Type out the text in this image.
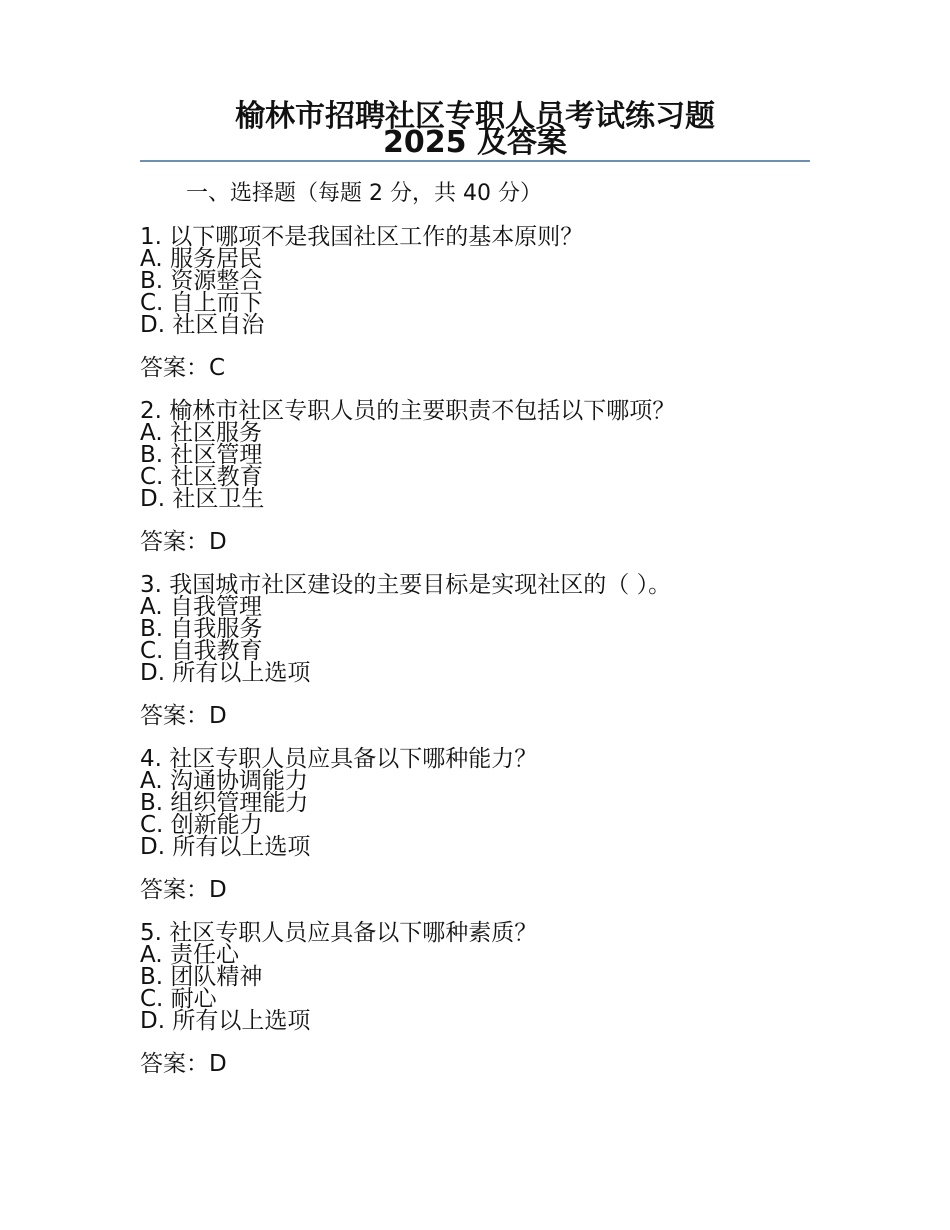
榆林市招聘社区专职人员考试练习题
2025 及答案
一、选择题（每题 2 分，共 40 分）
1. 以下哪项不是我国社区工作的基本原则？
A. 服务居民
B. 资源整合
C. 自上而下
D. 社区自治
答案：C
2. 榆林市社区专职人员的主要职责不包括以下哪项？
A. 社区服务
B. 社区管理
C. 社区教育
D. 社区卫生
答案：D
3. 我国城市社区建设的主要目标是实现社区的（ ）。
A. 自我管理
B. 自我服务
C. 自我教育
D. 所有以上选项
答案：D
4. 社区专职人员应具备以下哪种能力？
A. 沟通协调能力
B. 组织管理能力
C. 创新能力
D. 所有以上选项
答案：D
5. 社区专职人员应具备以下哪种素质？
A. 责任心
B. 团队精神
C. 耐心
D. 所有以上选项
答案：D
